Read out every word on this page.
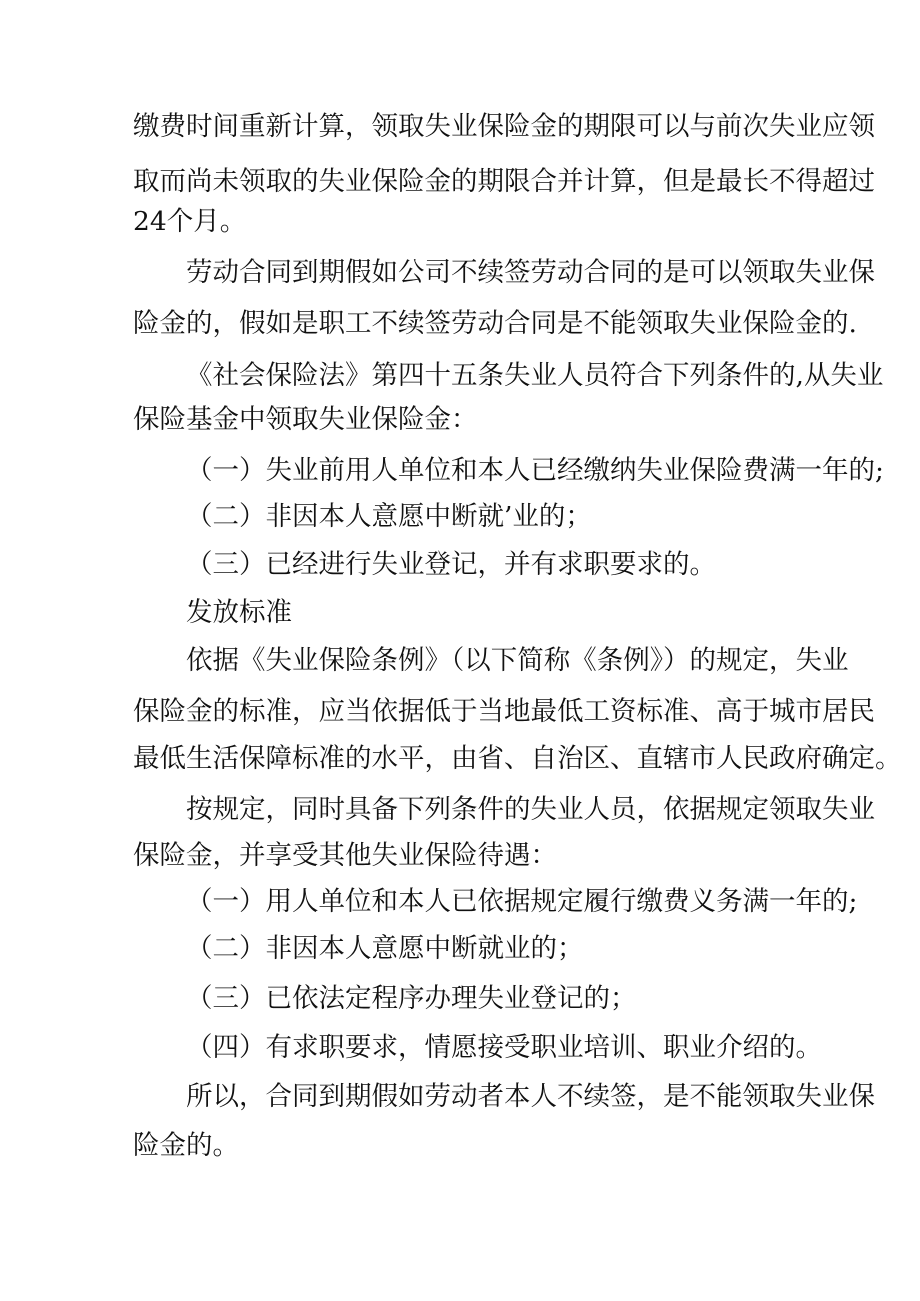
缴费时间重新计算，领取失业保险金的期限可以与前次失业应领
取而尚未领取的失业保险金的期限合并计算，但是最长不得超过
24个月。
劳动合同到期假如公司不续签劳动合同的是可以领取失业保
险金的，假如是职工不续签劳动合同是不能领取失业保险金的.
《社会保险法》第四十五条失业人员符合下列条件的,从失业
保险基金中领取失业保险金：
（一）失业前用人单位和本人已经缴纳失业保险费满一年的;
（二）非因本人意愿中断就’业的；
（三）已经进行失业登记，并有求职要求的。
发放标准
依据《失业保险条例》（以下简称《条例》）的规定，失业
保险金的标准，应当依据低于当地最低工资标准、高于城市居民
最低生活保障标准的水平，由省、自治区、直辖市人民政府确定。
按规定，同时具备下列条件的失业人员，依据规定领取失业
保险金，并享受其他失业保险待遇：
（一）用人单位和本人已依据规定履行缴费义务满一年的;
（二）非因本人意愿中断就业的；
（三）已依法定程序办理失业登记的；
（四）有求职要求，情愿接受职业培训、职业介绍的。
所以，合同到期假如劳动者本人不续签，是不能领取失业保
险金的。
